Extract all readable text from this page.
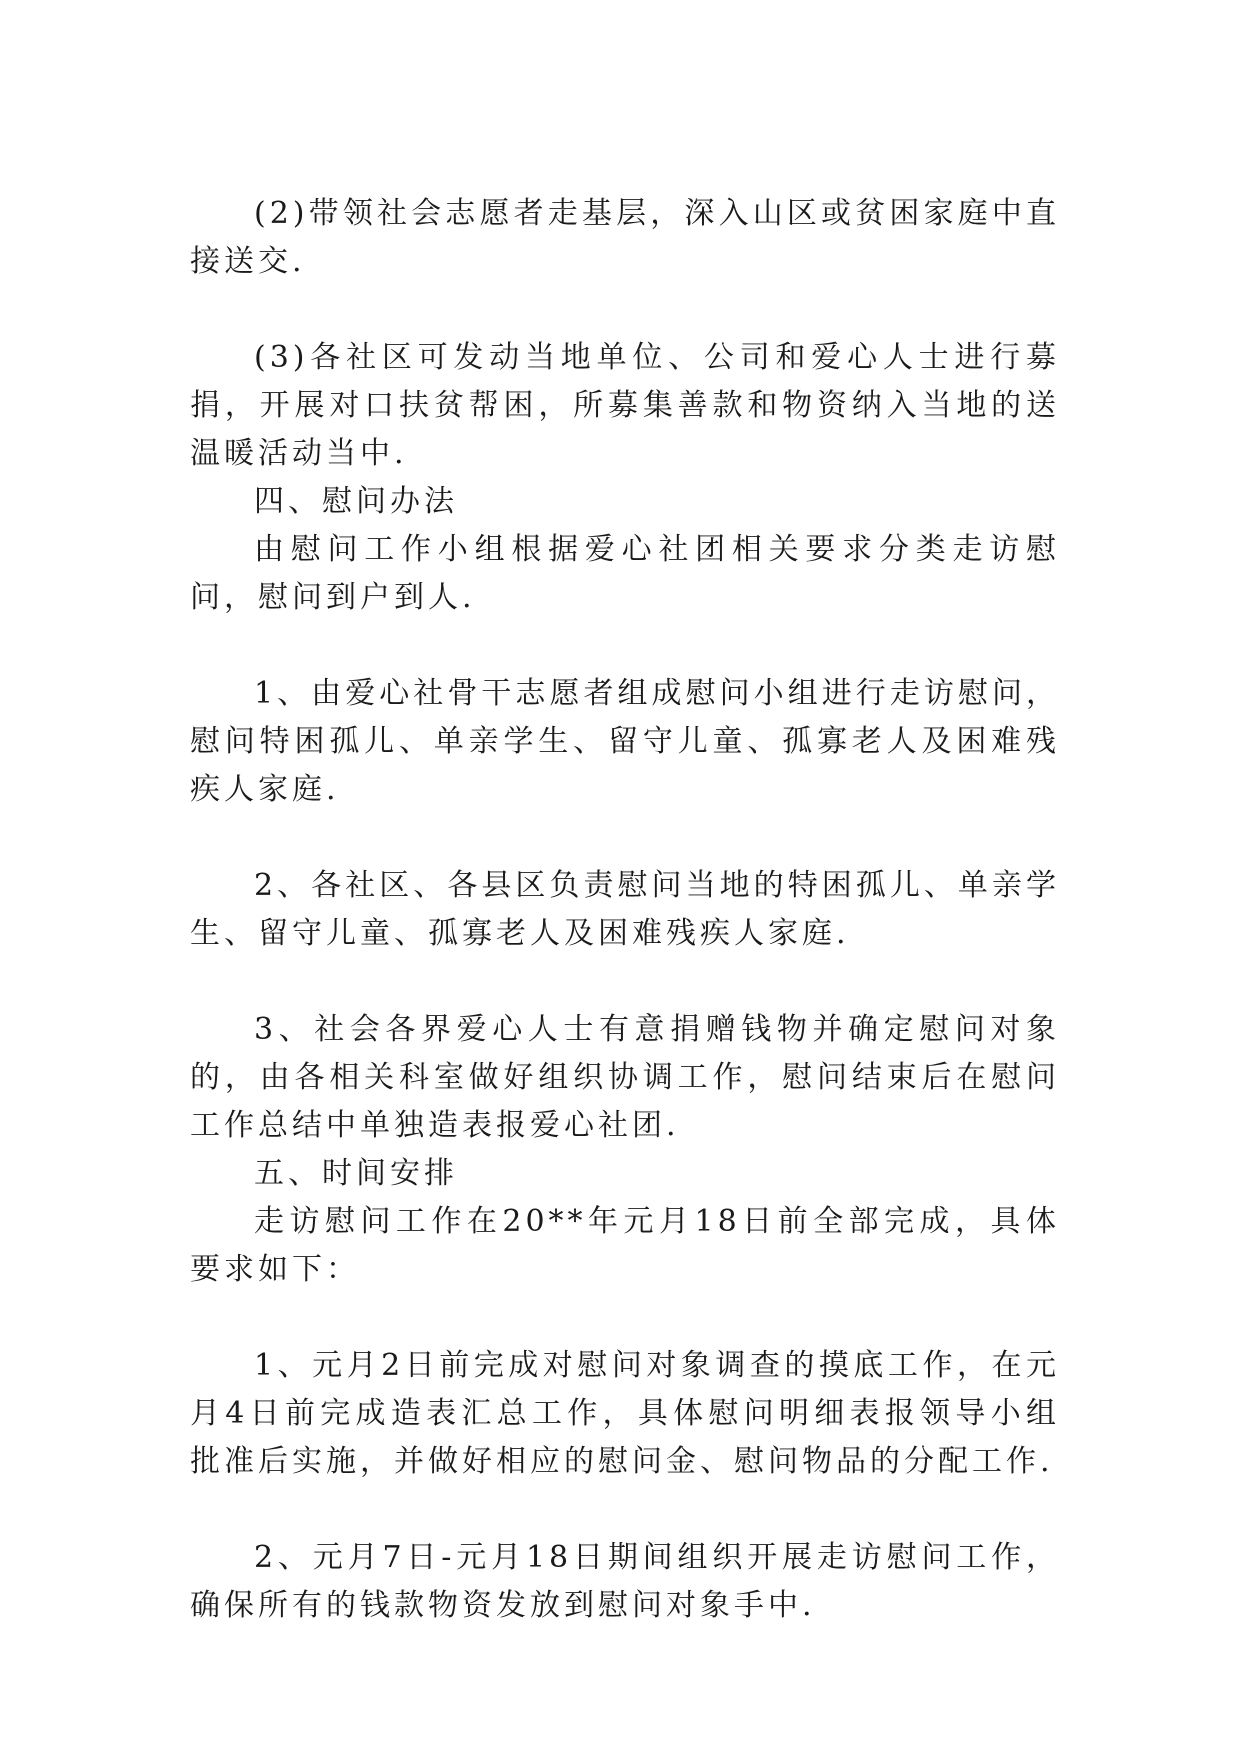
(2)带领社会志愿者走基层，深入山区或贫困家庭中直接送交.

(3)各社区可发动当地单位、公司和爱心人士进行募捐，开展对口扶贫帮困，所募集善款和物资纳入当地的送温暖活动当中.

四、慰问办法

由慰问工作小组根据爱心社团相关要求分类走访慰问，慰问到户到人.

1、由爱心社骨干志愿者组成慰问小组进行走访慰问，慰问特困孤儿、单亲学生、留守儿童、孤寡老人及困难残疾人家庭.

2、各社区、各县区负责慰问当地的特困孤儿、单亲学生、留守儿童、孤寡老人及困难残疾人家庭.

3、社会各界爱心人士有意捐赠钱物并确定慰问对象的，由各相关科室做好组织协调工作，慰问结束后在慰问工作总结中单独造表报爱心社团.

五、时间安排

走访慰问工作在20**年元月18日前全部完成，具体要求如下：

1、元月2日前完成对慰问对象调查的摸底工作，在元月4日前完成造表汇总工作，具体慰问明细表报领导小组批准后实施，并做好相应的慰问金、慰问物品的分配工作.

2、元月7日-元月18日期间组织开展走访慰问工作，确保所有的钱款物资发放到慰问对象手中.
